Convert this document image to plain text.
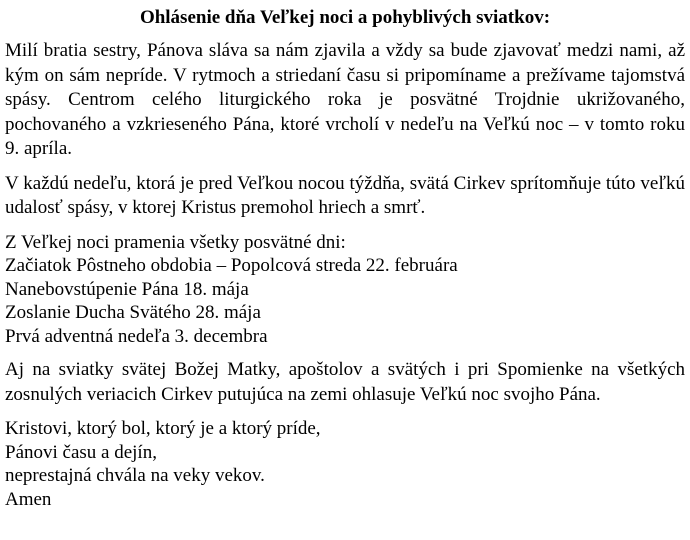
Ohlásenie dňa Veľkej noci a pohyblivých sviatkov:

Milí bratia sestry, Pánova sláva sa nám zjavila a vždy sa bude zjavovať medzi nami, až kým on sám nepríde. V rytmoch a striedaní času si pripomíname a prežívame tajomstvá spásy. Centrom celého liturgického roka je posvätné Trojdnie ukrižovaného, pochovaného a vzkrieseného Pána, ktoré vrcholí v nedeľu na Veľkú noc – v tomto roku 9. apríla.

V každú nedeľu, ktorá je pred Veľkou nocou týždňa, svätá Cirkev sprítomňuje túto veľkú udalosť spásy, v ktorej Kristus premohol hriech a smrť.

Z Veľkej noci pramenia všetky posvätné dni:
Začiatok Pôstneho obdobia – Popolcová streda 22. februára
Nanebovstúpenie Pána 18. mája
Zoslanie Ducha Svätého 28. mája
Prvá adventná nedeľa 3. decembra

Aj na sviatky svätej Božej Matky, apoštolov a svätých i pri Spomienke na všetkých zosnulých veriacich Cirkev putujúca na zemi ohlasuje Veľkú noc svojho Pána.

Kristovi, ktorý bol, ktorý je a ktorý príde,
Pánovi času a dejín,
neprestajná chvála na veky vekov.
Amen
